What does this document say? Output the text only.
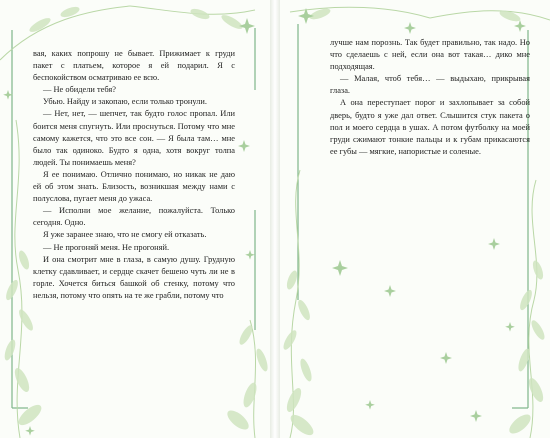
вая, каких попрошу не бывает. Прижимает к груди пакет с платьем, которое я ей подарил. Я с беспокойством осматриваю ее всю.

— Не обидели тебя?

Убью. Найду и закопаю, если только тронули.

— Нет, нет, — шепчет, так будто голос пропал. Или боится меня спугнуть. Или проснуться. Потому что мне самому кажется, что это все сон. — Я была там… мне было так одиноко. Будто я одна, хотя вокруг толпа людей. Ты понимаешь меня?

Я ее понимаю. Отлично понимаю, но никак не даю ей об этом знать. Близость, возникшая между нами с полуслова, пугает меня до ужаса.

— Исполни мое желание, пожалуйста. Только сегодня. Одно.

Я уже заранее знаю, что не смогу ей отказать.

— Не прогоняй меня. Не прогоняй.

И она смотрит мне в глаза, в самую душу. Грудную клетку сдавливает, и сердце скачет бешено чуть ли не в горле. Хочется биться башкой об стенку, потому что нельзя, потому что опять на те же грабли, потому что

лучше нам порознь. Так будет правильно, так надо. Но что сделаешь с ней, если она вот такая… дико мне подходящая.

— Малая, чтоб тебя… — выдыхаю, прикрывая глаза.

А она переступает порог и захлопывает за собой дверь, будто я уже дал ответ. Слышится стук пакета о пол и моего сердца в ушах. А потом футболку на моей груди сжимают тонкие пальцы и к губам прикасаются ее губы — мягкие, напористые и соленые.
